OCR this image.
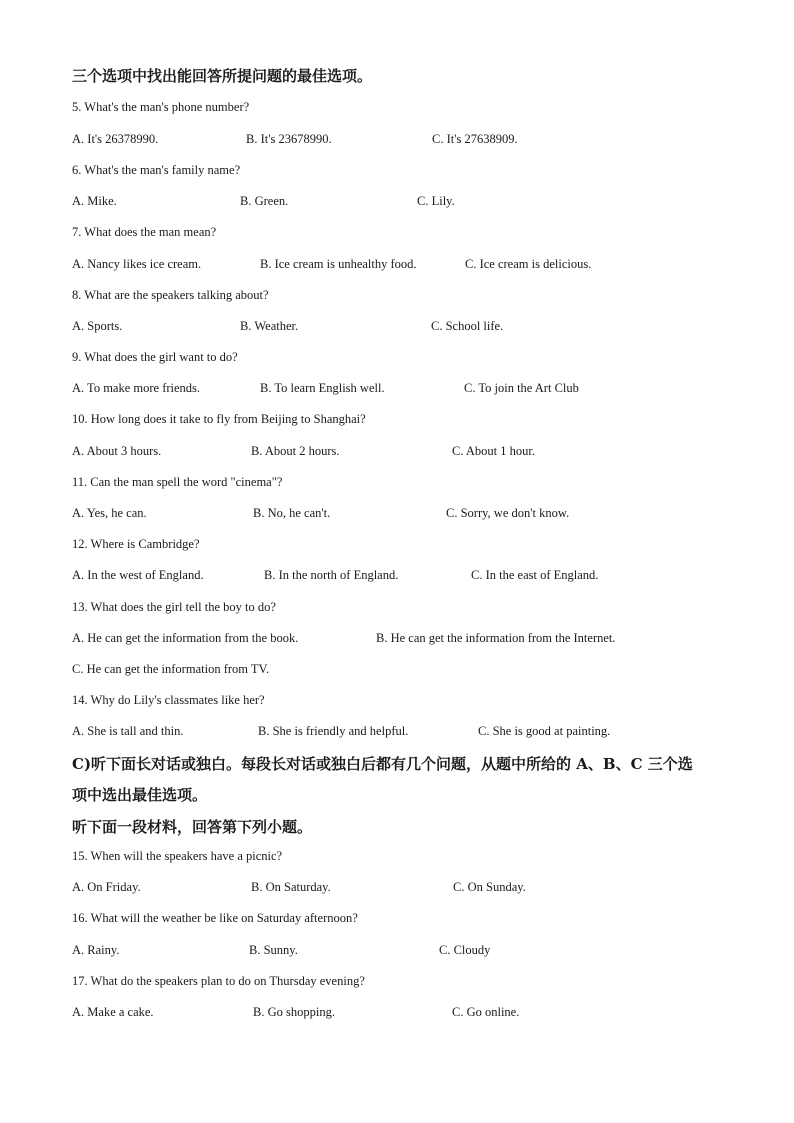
三个选项中找出能回答所提问题的最佳选项。
5. What's the man's phone number?
A. It's 26378990.	B. It's 23678990.	C. It's 27638909.
6. What's the man's family name?
A. Mike.	B. Green.	C. Lily.
7. What does the man mean?
A. Nancy likes ice cream.	B. Ice cream is unhealthy food.	C. Ice cream is delicious.
8. What are the speakers talking about?
A. Sports.	B. Weather.	C. School life.
9. What does the girl want to do?
A. To make more friends.	B. To learn English well.	C. To join the Art Club
10. How long does it take to fly from Beijing to Shanghai?
A. About 3 hours.	B. About 2 hours.	C. About 1 hour.
11. Can the man spell the word "cinema"?
A. Yes, he can.	B. No, he can't.	C. Sorry, we don't know.
12. Where is Cambridge?
A. In the west of England.	B. In the north of England.	C. In the east of England.
13. What does the girl tell the boy to do?
A. He can get the information from the book.	B. He can get the information from the Internet.
C. He can get the information from TV.
14. Why do Lily's classmates like her?
A. She is tall and thin.	B. She is friendly and helpful.	C. She is good at painting.
C)听下面长对话或独白。每段长对话或独白后都有几个问题，从题中所给的 A、B、C 三个选
项中选出最佳选项。
听下面一段材料，回答第下列小题。
15. When will the speakers have a picnic?
A. On Friday.	B. On Saturday.	C. On Sunday.
16. What will the weather be like on Saturday afternoon?
A. Rainy.	B. Sunny.	C. Cloudy
17. What do the speakers plan to do on Thursday evening?
A. Make a cake.	B. Go shopping.	C. Go online.
